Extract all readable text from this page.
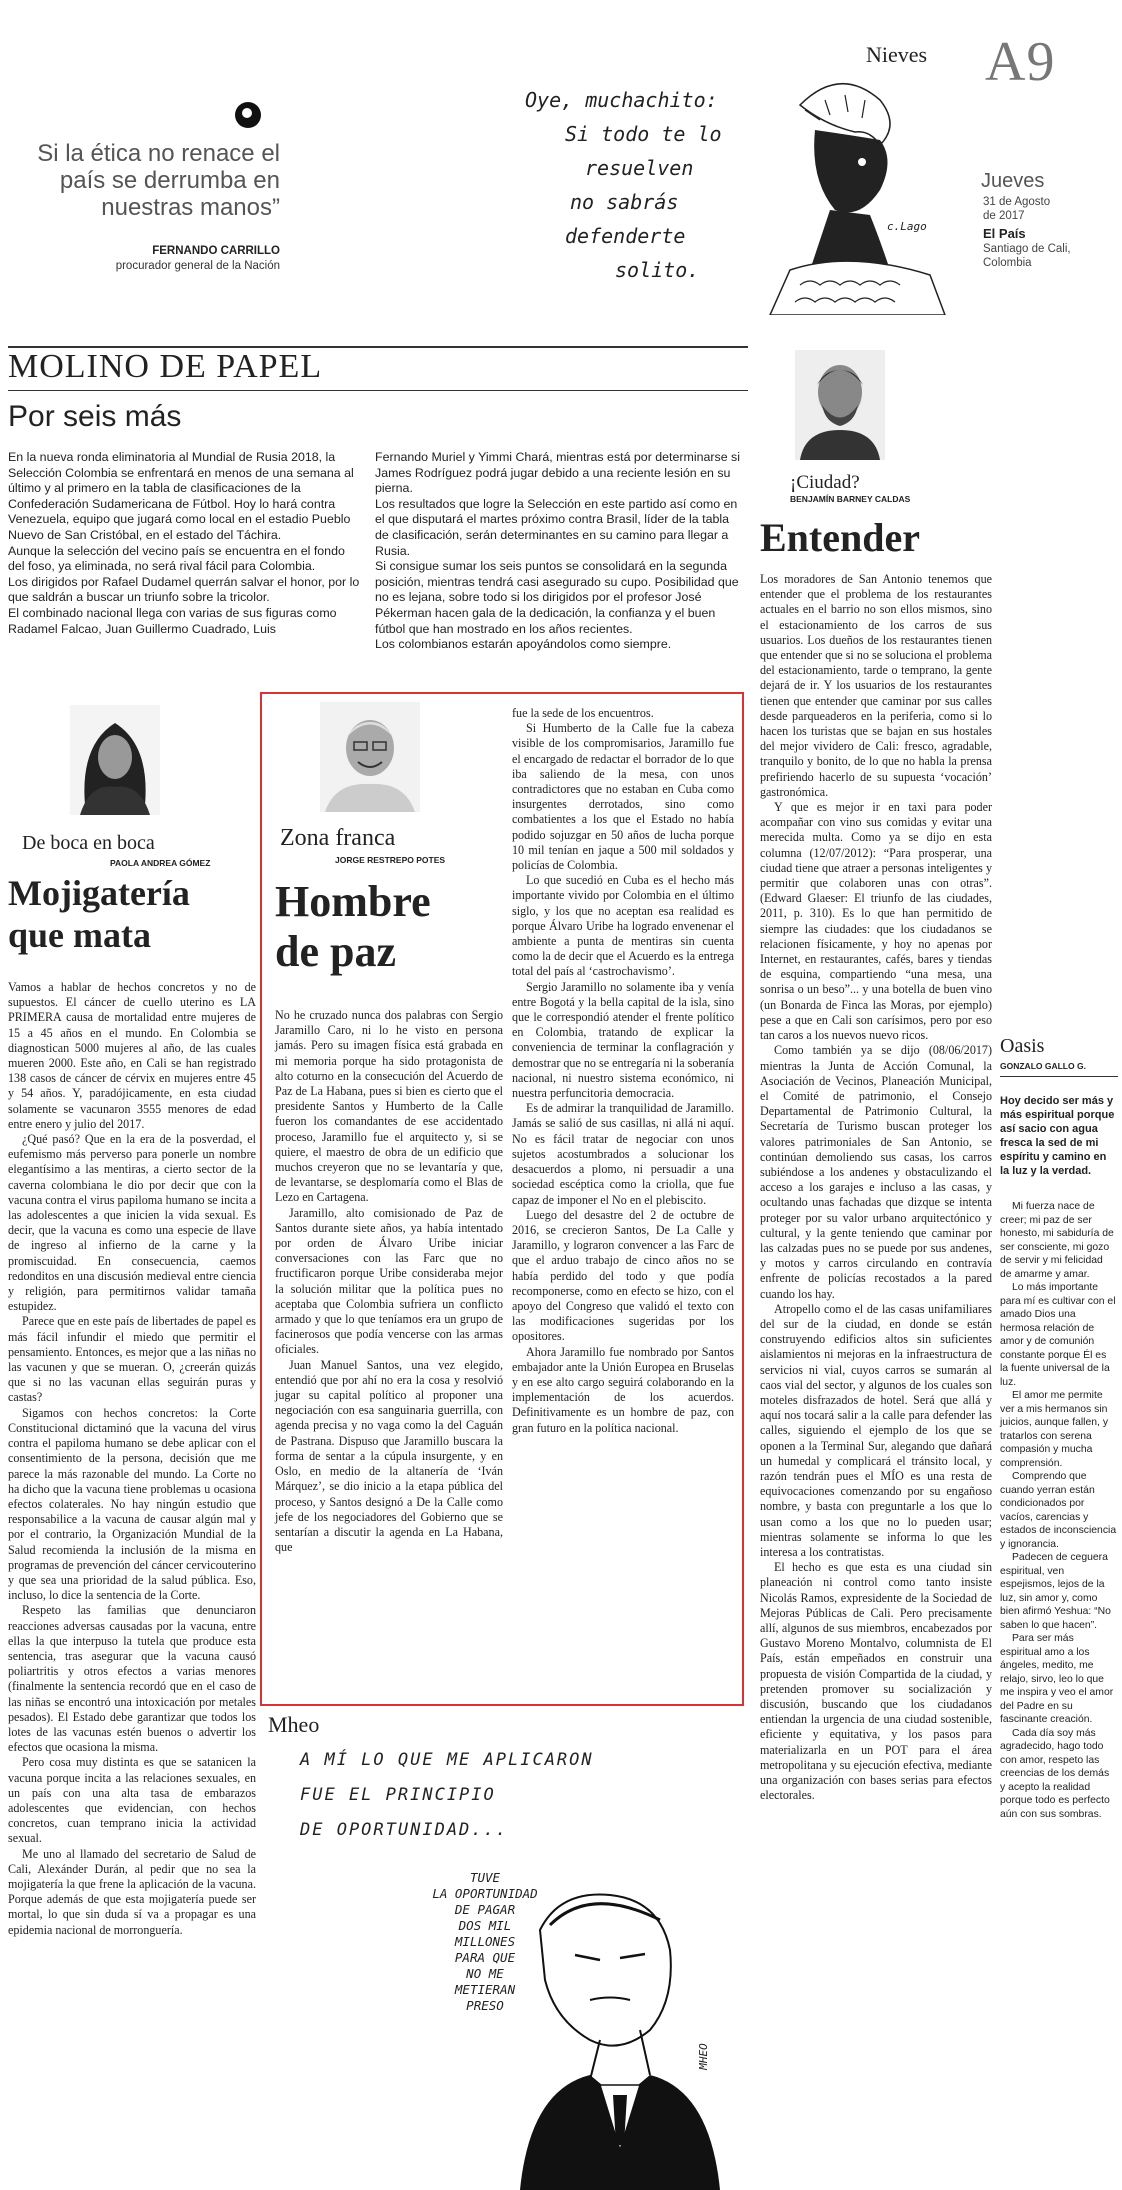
Si la ética no renace el país se derrumba en nuestras manos”
FERNANDO CARRILLO
procurador general de la Nación
Oye, muchachito:
Si todo te lo
resuelven
no sabrás
defenderte
solito.
c.Lago
Nieves A9
Jueves
31 de Agosto
de 2017
El País
Santiago de Cali,
Colombia
MOLINO DE PAPEL
Por seis más

En la nueva ronda eliminatoria al Mundial de Rusia 2018, la Selección Colombia se enfrentará en menos de una semana al último y al primero en la tabla de clasificaciones de la Confederación Sudamericana de Fútbol. Hoy lo hará contra Venezuela, equipo que jugará como local en el estadio Pueblo Nuevo de San Cristóbal, en el estado del Táchira.

Aunque la selección del vecino país se encuentra en el fondo del foso, ya eliminada, no será rival fácil para Colombia.

Los dirigidos por Rafael Dudamel querrán salvar el honor, por lo que saldrán a buscar un triunfo sobre la tricolor.

El combinado nacional llega con varias de sus figuras como Radamel Falcao, Juan Guillermo Cuadrado, Luis

Fernando Muriel y Yimmi Chará, mientras está por determinarse si James Rodríguez podrá jugar debido a una reciente lesión en su pierna.

Los resultados que logre la Selección en este partido así como en el que disputará el martes próximo contra Brasil, líder de la tabla de clasificación, serán determinantes en su camino para llegar a Rusia.

Si consigue sumar los seis puntos se consolidará en la segunda posición, mientras tendrá casi asegurado su cupo. Posibilidad que no es lejana, sobre todo si los dirigidos por el profesor José Pékerman hacen gala de la dedicación, la confianza y el buen fútbol que han mostrado en los años recientes.

Los colombianos estarán apoyándolos como siempre.

¡Ciudad?
BENJAMÍN BARNEY CALDAS
Entender

Los moradores de San Antonio tenemos que entender que el problema de los restaurantes actuales en el barrio no son ellos mismos, sino el estacionamiento de los carros de sus usuarios. Los dueños de los restaurantes tienen que entender que si no se soluciona el problema del estacionamiento, tarde o temprano, la gente dejará de ir. Y los usuarios de los restaurantes tienen que entender que caminar por sus calles desde parqueaderos en la periferia, como si lo hacen los turistas que se bajan en sus hostales del mejor vividero de Cali: fresco, agradable, tranquilo y bonito, de lo que no habla la prensa prefiriendo hacerlo de su supuesta ‘vocación’ gastronómica.

Y que es mejor ir en taxi para poder acompañar con vino sus comidas y evitar una merecida multa. Como ya se dijo en esta columna (12/07/2012): “Para prosperar, una ciudad tiene que atraer a personas inteligentes y permitir que colaboren unas con otras”. (Edward Glaeser: El triunfo de las ciudades, 2011, p. 310). Es lo que han permitido de siempre las ciudades: que los ciudadanos se relacionen físicamente, y hoy no apenas por Internet, en restaurantes, cafés, bares y tiendas de esquina, compartiendo “una mesa, una sonrisa o un beso”... y una botella de buen vino (un Bonarda de Finca las Moras, por ejemplo) pese a que en Cali son carísimos, pero por eso tan caros a los nuevos nuevo ricos.

Como también ya se dijo (08/06/2017) mientras la Junta de Acción Comunal, la Asociación de Vecinos, Planeación Municipal, el Comité de patrimonio, el Consejo Departamental de Patrimonio Cultural, la Secretaría de Turismo buscan proteger los valores patrimoniales de San Antonio, se continúan demoliendo sus casas, los carros subiéndose a los andenes y obstaculizando el acceso a los garajes e incluso a las casas, y ocultando unas fachadas que dizque se intenta proteger por su valor urbano arquitectónico y cultural, y la gente teniendo que caminar por las calzadas pues no se puede por sus andenes, y motos y carros circulando en contravía enfrente de policías recostados a la pared cuando los hay.

Atropello como el de las casas unifamiliares del sur de la ciudad, en donde se están construyendo edificios altos sin suficientes aislamientos ni mejoras en la infraestructura de servicios ni vial, cuyos carros se sumarán al caos vial del sector, y algunos de los cuales son moteles disfrazados de hotel. Será que allá y aquí nos tocará salir a la calle para defender las calles, siguiendo el ejemplo de los que se oponen a la Terminal Sur, alegando que dañará un humedal y complicará el tránsito local, y razón tendrán pues el MÍO es una resta de equivocaciones comenzando por su engañoso nombre, y basta con preguntarle a los que lo usan como a los que no lo pueden usar; mientras solamente se informa lo que les interesa a los contratistas.

El hecho es que esta es una ciudad sin planeación ni control como tanto insiste Nicolás Ramos, expresidente de la Sociedad de Mejoras Públicas de Cali. Pero precisamente allí, algunos de sus miembros, encabezados por Gustavo Moreno Montalvo, columnista de El País, están empeñados en construir una propuesta de visión Compartida de la ciudad, y pretenden promover su socialización y discusión, buscando que los ciudadanos entiendan la urgencia de una ciudad sostenible, eficiente y equitativa, y los pasos para materializarla en un POT para el área metropolitana y su ejecución efectiva, mediante una organización con bases serias para efectos electorales.

Oasis
GONZALO GALLO G.
Hoy decido ser más y más espiritual porque así sacio con agua fresca la sed de mi espíritu y camino en la luz y la verdad.

Mi fuerza nace de creer; mi paz de ser honesto, mi sabiduría de ser consciente, mi gozo de servir y mi felicidad de amarme y amar.

Lo más importante para mí es cultivar con el amado Dios una hermosa relación de amor y de comunión constante porque Él es la fuente universal de la luz.

El amor me permite ver a mis hermanos sin juicios, aunque fallen, y tratarlos con serena compasión y mucha comprensión.

Comprendo que cuando yerran están condicionados por vacíos, carencias y estados de inconsciencia y ignorancia.

Padecen de ceguera espiritual, ven espejismos, lejos de la luz, sin amor y, como bien afirmó Yeshua: “No saben lo que hacen”.

Para ser más espiritual amo a los ángeles, medito, me relajo, sirvo, leo lo que me inspira y veo el amor del Padre en su fascinante creación.

Cada día soy más agradecido, hago todo con amor, respeto las creencias de los demás y acepto la realidad porque todo es perfecto aún con sus sombras.

De boca en boca
PAOLA ANDREA GÓMEZ
Mojigatería
que mata

Vamos a hablar de hechos concretos y no de supuestos. El cáncer de cuello uterino es LA PRIMERA causa de mortalidad entre mujeres de 15 a 45 años en el mundo. En Colombia se diagnostican 5000 mujeres al año, de las cuales mueren 2000. Este año, en Cali se han registrado 138 casos de cáncer de cérvix en mujeres entre 45 y 54 años. Y, paradójicamente, en esta ciudad solamente se vacunaron 3555 menores de edad entre enero y julio del 2017.

¿Qué pasó? Que en la era de la posverdad, el eufemismo más perverso para ponerle un nombre elegantísimo a las mentiras, a cierto sector de la caverna colombiana le dio por decir que con la vacuna contra el virus papiloma humano se incita a las adolescentes a que inicien la vida sexual. Es decir, que la vacuna es como una especie de llave de ingreso al infierno de la carne y la promiscuidad. En consecuencia, caemos redonditos en una discusión medieval entre ciencia y religión, para permitirnos validar tamaña estupidez.

Parece que en este país de libertades de papel es más fácil infundir el miedo que permitir el pensamiento. Entonces, es mejor que a las niñas no las vacunen y que se mueran. O, ¿creerán quizás que si no las vacunan ellas seguirán puras y castas?

Sigamos con hechos concretos: la Corte Constitucional dictaminó que la vacuna del virus contra el papiloma humano se debe aplicar con el consentimiento de la persona, decisión que me parece la más razonable del mundo. La Corte no ha dicho que la vacuna tiene problemas u ocasiona efectos colaterales. No hay ningún estudio que responsabilice a la vacuna de causar algún mal y por el contrario, la Organización Mundial de la Salud recomienda la inclusión de la misma en programas de prevención del cáncer cervicouterino y que sea una prioridad de la salud pública. Eso, incluso, lo dice la sentencia de la Corte.

Respeto las familias que denunciaron reacciones adversas causadas por la vacuna, entre ellas la que interpuso la tutela que produce esta sentencia, tras asegurar que la vacuna causó poliartritis y otros efectos a varias menores (finalmente la sentencia recordó que en el caso de las niñas se encontró una intoxicación por metales pesados). El Estado debe garantizar que todos los lotes de las vacunas estén buenos o advertir los efectos que ocasiona la misma.

Pero cosa muy distinta es que se satanicen la vacuna porque incita a las relaciones sexuales, en un país con una alta tasa de embarazos adolescentes que evidencian, con hechos concretos, cuan temprano inicia la actividad sexual.

Me uno al llamado del secretario de Salud de Cali, Alexánder Durán, al pedir que no sea la mojigatería la que frene la aplicación de la vacuna. Porque además de que esta mojigatería puede ser mortal, lo que sin duda sí va a propagar es una epidemia nacional de morronguería.

Zona franca
JORGE RESTREPO POTES
Hombre
de paz

No he cruzado nunca dos palabras con Sergio Jaramillo Caro, ni lo he visto en persona jamás. Pero su imagen física está grabada en mi memoria porque ha sido protagonista de alto coturno en la consecución del Acuerdo de Paz de La Habana, pues si bien es cierto que el presidente Santos y Humberto de la Calle fueron los comandantes de ese accidentado proceso, Jaramillo fue el arquitecto y, si se quiere, el maestro de obra de un edificio que muchos creyeron que no se levantaría y que, de levantarse, se desplomaría como el Blas de Lezo en Cartagena.

Jaramillo, alto comisionado de Paz de Santos durante siete años, ya había intentado por orden de Álvaro Uribe iniciar conversaciones con las Farc que no fructificaron porque Uribe consideraba mejor la solución militar que la política pues no aceptaba que Colombia sufriera un conflicto armado y que lo que teníamos era un grupo de facinerosos que podía vencerse con las armas oficiales.

Juan Manuel Santos, una vez elegido, entendió que por ahí no era la cosa y resolvió jugar su capital político al proponer una negociación con esa sanguinaria guerrilla, con agenda precisa y no vaga como la del Caguán de Pastrana. Dispuso que Jaramillo buscara la forma de sentar a la cúpula insurgente, y en Oslo, en medio de la altanería de ‘Iván Márquez’, se dio inicio a la etapa pública del proceso, y Santos designó a De la Calle como jefe de los negociadores del Gobierno que se sentarían a discutir la agenda en La Habana, que

fue la sede de los encuentros.

Si Humberto de la Calle fue la cabeza visible de los compromisarios, Jaramillo fue el encargado de redactar el borrador de lo que iba saliendo de la mesa, con unos contradictores que no estaban en Cuba como insurgentes derrotados, sino como combatientes a los que el Estado no había podido sojuzgar en 50 años de lucha porque 10 mil tenían en jaque a 500 mil soldados y policías de Colombia.

Lo que sucedió en Cuba es el hecho más importante vivido por Colombia en el último siglo, y los que no aceptan esa realidad es porque Álvaro Uribe ha logrado envenenar el ambiente a punta de mentiras sin cuenta como la de decir que el Acuerdo es la entrega total del país al ‘castrochavismo’.

Sergio Jaramillo no solamente iba y venía entre Bogotá y la bella capital de la isla, sino que le correspondió atender el frente político en Colombia, tratando de explicar la conveniencia de terminar la conflagración y demostrar que no se entregaría ni la soberanía nacional, ni nuestro sistema económico, ni nuestra perfuncitoria democracia.

Es de admirar la tranquilidad de Jaramillo. Jamás se salió de sus casillas, ni allá ni aquí. No es fácil tratar de negociar con unos sujetos acostumbrados a solucionar los desacuerdos a plomo, ni persuadir a una sociedad escéptica como la criolla, que fue capaz de imponer el No en el plebiscito.

Luego del desastre del 2 de octubre de 2016, se crecieron Santos, De La Calle y Jaramillo, y lograron convencer a las Farc de que el arduo trabajo de cinco años no se había perdido del todo y que podía recomponerse, como en efecto se hizo, con el apoyo del Congreso que validó el texto con las modificaciones sugeridas por los opositores.

Ahora Jaramillo fue nombrado por Santos embajador ante la Unión Europea en Bruselas y en ese alto cargo seguirá colaborando en la implementación de los acuerdos. Definitivamente es un hombre de paz, con gran futuro en la política nacional.

Mheo
A MÍ LO QUE ME APLICARON
FUE EL PRINCIPIO
DE OPORTUNIDAD...
TUVE
LA OPORTUNIDAD
DE PAGAR
DOS MIL
MILLONES
PARA QUE
NO ME
METIERAN
PRESO
MHEO
